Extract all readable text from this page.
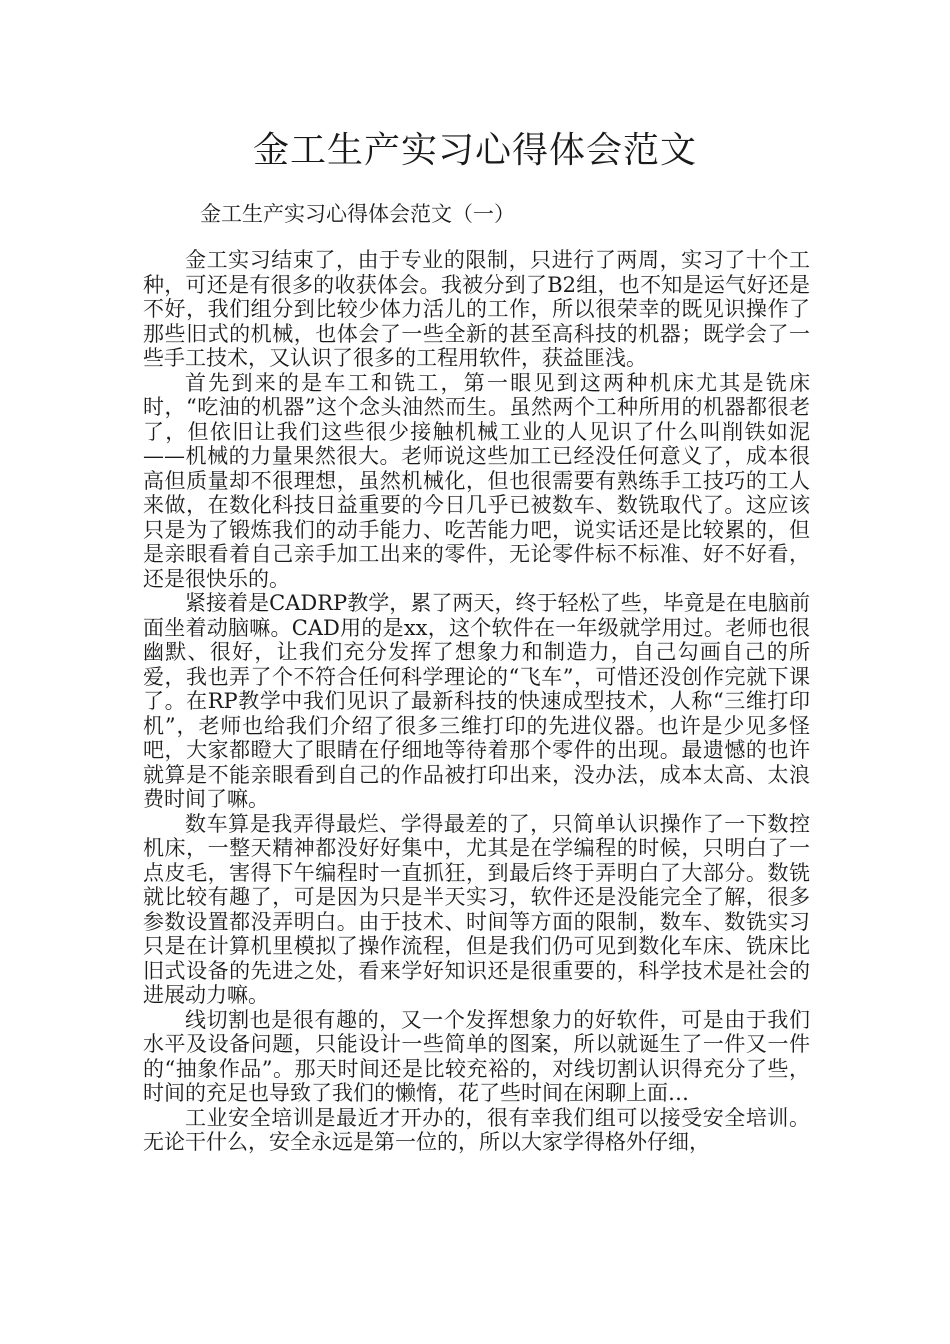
金工生产实习心得体会范文
金工生产实习心得体会范文（一）

金工实习结束了，由于专业的限制，只进行了两周，实习了十个工种，可还是有很多的收获体会。我被分到了B2组，也不知是运气好还是不好，我们组分到比较少体力活儿的工作，所以很荣幸的既见识操作了那些旧式的机械，也体会了一些全新的甚至高科技的机器；既学会了一些手工技术，又认识了很多的工程用软件，获益匪浅。

首先到来的是车工和铣工，第一眼见到这两种机床尤其是铣床时，“吃油的机器”这个念头油然而生。虽然两个工种所用的机器都很老了，但依旧让我们这些很少接触机械工业的人见识了什么叫削铁如泥——机械的力量果然很大。老师说这些加工已经没任何意义了，成本很高但质量却不很理想，虽然机械化，但也很需要有熟练手工技巧的工人来做，在数化科技日益重要的今日几乎已被数车、数铣取代了。这应该只是为了锻炼我们的动手能力、吃苦能力吧，说实话还是比较累的，但是亲眼看着自己亲手加工出来的零件，无论零件标不标准、好不好看，还是很快乐的。

紧接着是CADRP教学，累了两天，终于轻松了些，毕竟是在电脑前面坐着动脑嘛。CAD用的是xx，这个软件在一年级就学用过。老师也很幽默、很好，让我们充分发挥了想象力和制造力，自己勾画自己的所爱，我也弄了个不符合任何科学理论的“飞车”，可惜还没创作完就下课了。在RP教学中我们见识了最新科技的快速成型技术，人称“三维打印机”，老师也给我们介绍了很多三维打印的先进仪器。也许是少见多怪吧，大家都瞪大了眼睛在仔细地等待着那个零件的出现。最遗憾的也许就算是不能亲眼看到自己的作品被打印出来，没办法，成本太高、太浪费时间了嘛。

数车算是我弄得最烂、学得最差的了，只简单认识操作了一下数控机床，一整天精神都没好好集中，尤其是在学编程的时候，只明白了一点皮毛，害得下午编程时一直抓狂，到最后终于弄明白了大部分。数铣就比较有趣了，可是因为只是半天实习，软件还是没能完全了解，很多参数设置都没弄明白。由于技术、时间等方面的限制，数车、数铣实习只是在计算机里模拟了操作流程，但是我们仍可见到数化车床、铣床比旧式设备的先进之处，看来学好知识还是很重要的，科学技术是社会的进展动力嘛。

线切割也是很有趣的，又一个发挥想象力的好软件，可是由于我们水平及设备问题，只能设计一些简单的图案，所以就诞生了一件又一件的“抽象作品”。那天时间还是比较充裕的，对线切割认识得充分了些，时间的充足也导致了我们的懒惰，花了些时间在闲聊上面…

工业安全培训是最近才开办的，很有幸我们组可以接受安全培训。无论干什么，安全永远是第一位的，所以大家学得格外仔细，
